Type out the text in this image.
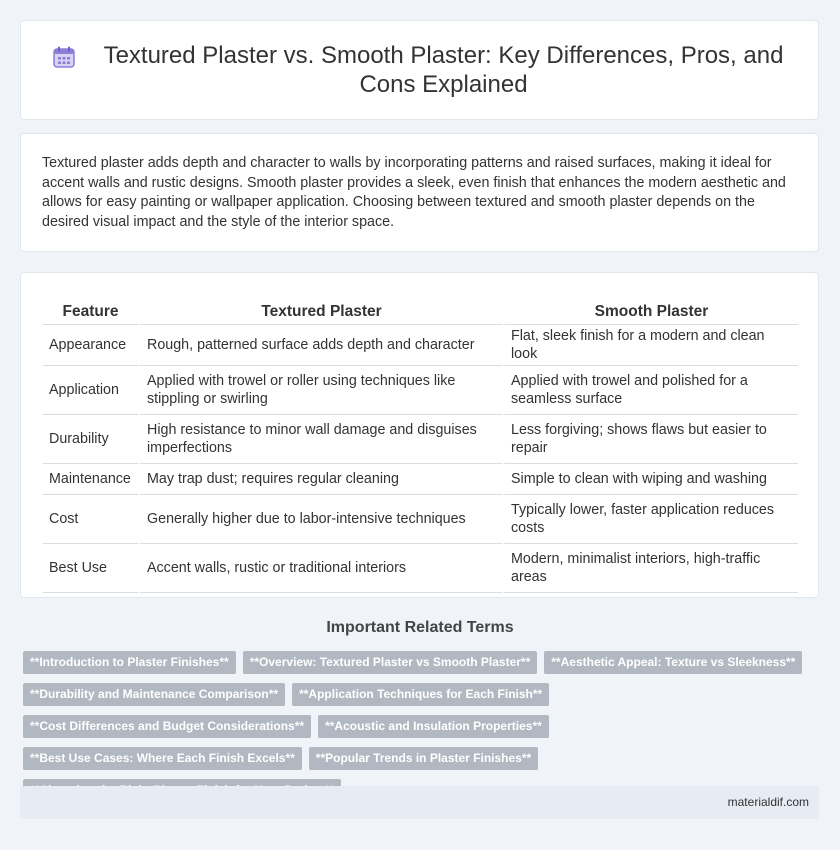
Textured Plaster vs. Smooth Plaster: Key Differences, Pros, and Cons Explained

Textured plaster adds depth and character to walls by incorporating patterns and raised surfaces, making it ideal for accent walls and rustic designs. Smooth plaster provides a sleek, even finish that enhances the modern aesthetic and allows for easy painting or wallpaper application. Choosing between textured and smooth plaster depends on the desired visual impact and the style of the interior space.

Feature	Textured Plaster	Smooth Plaster
Appearance	Rough, patterned surface adds depth and character	Flat, sleek finish for a modern and clean look
Application	Applied with trowel or roller using techniques like stippling or swirling	Applied with trowel and polished for a seamless surface
Durability	High resistance to minor wall damage and disguises imperfections	Less forgiving; shows flaws but easier to repair
Maintenance	May trap dust; requires regular cleaning	Simple to clean with wiping and washing
Cost	Generally higher due to labor-intensive techniques	Typically lower, faster application reduces costs
Best Use	Accent walls, rustic or traditional interiors	Modern, minimalist interiors, high-traffic areas
Important Related Terms
**Introduction to Plaster Finishes**	**Overview: Textured Plaster vs Smooth Plaster**	**Aesthetic Appeal: Texture vs Sleekness**
**Durability and Maintenance Comparison**	**Application Techniques for Each Finish**
**Cost Differences and Budget Considerations**	**Acoustic and Insulation Properties**
**Best Use Cases: Where Each Finish Excels**	**Popular Trends in Plaster Finishes**
materialdif.com
